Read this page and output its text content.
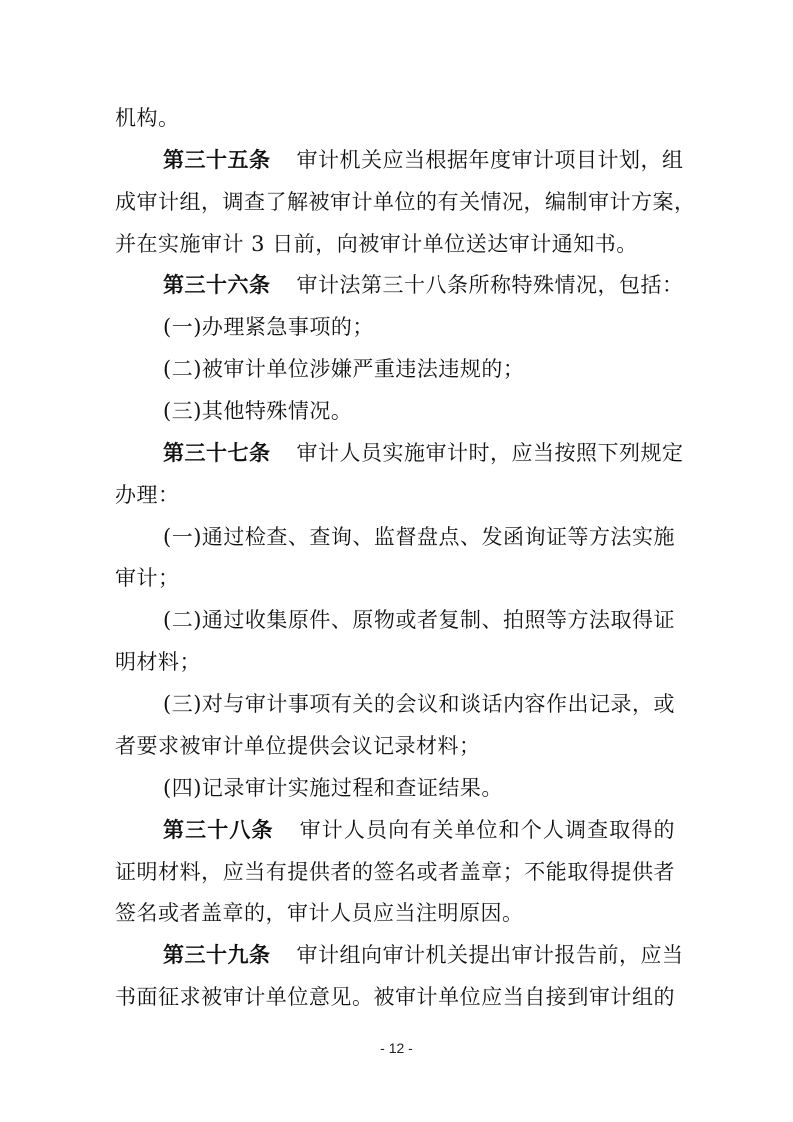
机构。
第三十五条 审计机关应当根据年度审计项目计划，组
成审计组，调查了解被审计单位的有关情况，编制审计方案，
并在实施审计 3 日前，向被审计单位送达审计通知书。
第三十六条 审计法第三十八条所称特殊情况，包括：
(一)办理紧急事项的；
(二)被审计单位涉嫌严重违法违规的；
(三)其他特殊情况。
第三十七条 审计人员实施审计时，应当按照下列规定
办理：
(一)通过检查、查询、监督盘点、发函询证等方法实施
审计；
(二)通过收集原件、原物或者复制、拍照等方法取得证
明材料；
(三)对与审计事项有关的会议和谈话内容作出记录，或
者要求被审计单位提供会议记录材料；
(四)记录审计实施过程和查证结果。
第三十八条 审计人员向有关单位和个人调查取得的
证明材料，应当有提供者的签名或者盖章；不能取得提供者
签名或者盖章的，审计人员应当注明原因。
第三十九条 审计组向审计机关提出审计报告前，应当
书面征求被审计单位意见。被审计单位应当自接到审计组的
- 12 -
